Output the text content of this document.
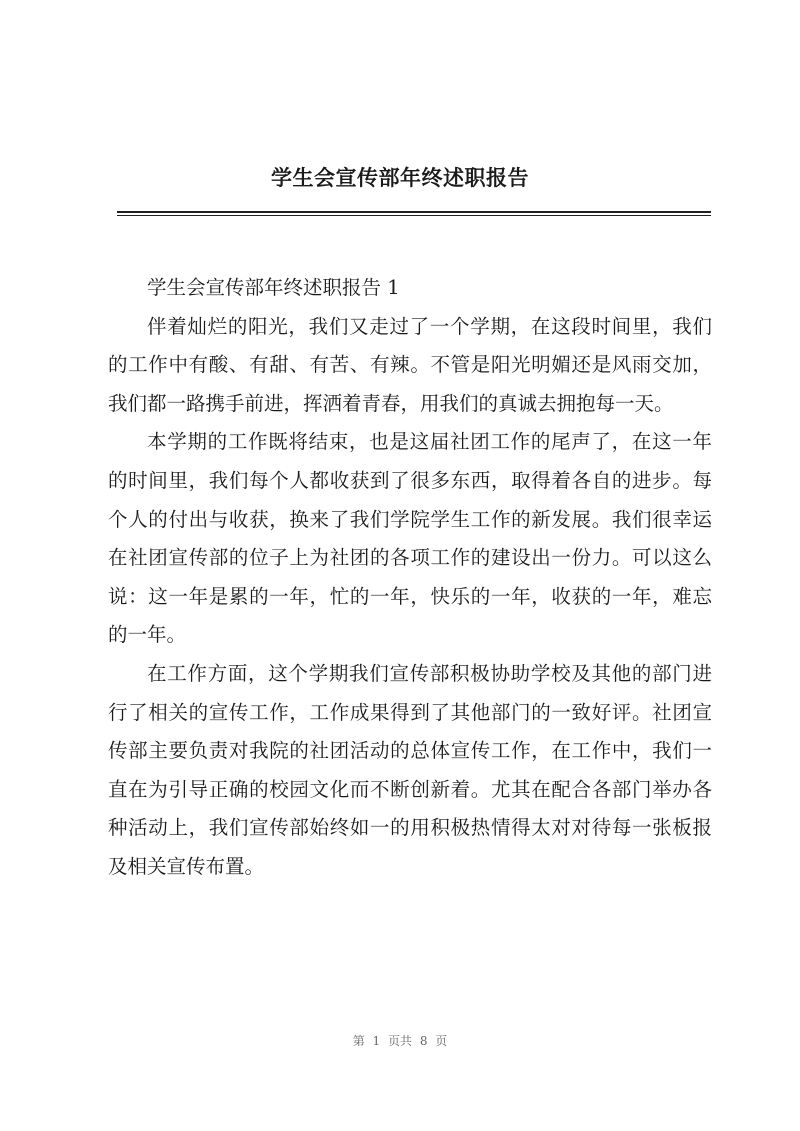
学生会宣传部年终述职报告

学生会宣传部年终述职报告 1

伴着灿烂的阳光，我们又走过了一个学期，在这段时间里，我们的工作中有酸、有甜、有苦、有辣。不管是阳光明媚还是风雨交加，我们都一路携手前进，挥洒着青春，用我们的真诚去拥抱每一天。

本学期的工作既将结束，也是这届社团工作的尾声了，在这一年的时间里，我们每个人都收获到了很多东西，取得着各自的进步。每个人的付出与收获，换来了我们学院学生工作的新发展。我们很幸运在社团宣传部的位子上为社团的各项工作的建设出一份力。可以这么说：这一年是累的一年，忙的一年，快乐的一年，收获的一年，难忘的一年。

在工作方面，这个学期我们宣传部积极协助学校及其他的部门进行了相关的宣传工作，工作成果得到了其他部门的一致好评。社团宣传部主要负责对我院的社团活动的总体宣传工作，在工作中，我们一直在为引导正确的校园文化而不断创新着。尤其在配合各部门举办各种活动上，我们宣传部始终如一的用积极热情得太对对待每一张板报及相关宣传布置。

第 1 页共 8 页
